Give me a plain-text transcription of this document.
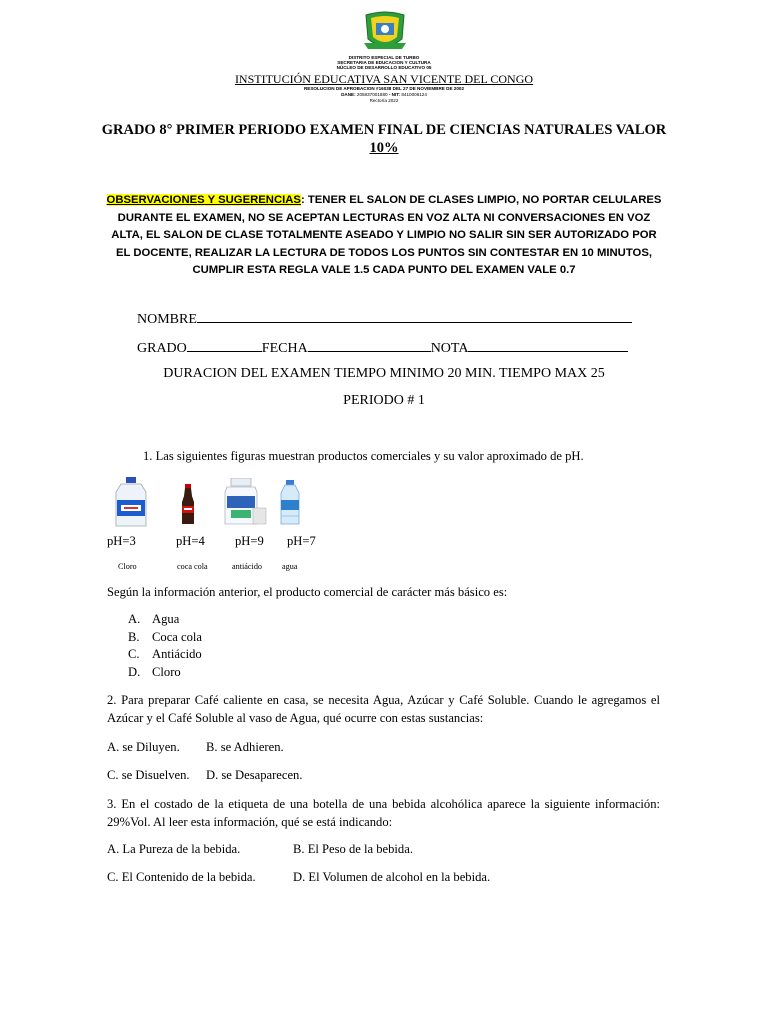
DISTRITO ESPECIAL DE TURBO
SECRETARIA DE EDUCACION Y CULTURA
NÚCLEO DE DESARROLLO EDUCATIVO 05
INSTITUCIÓN EDUCATIVA SAN VICENTE DEL CONGO
RESOLUCION DE APROBACION #16038 DEL 27 DE NOVIEMBRE DE 2002
DANE: 205837001880 - NIT: 8410006124
Rectoría 2022
GRADO 8° PRIMER PERIODO EXAMEN FINAL DE CIENCIAS NATURALES VALOR
10%
OBSERVACIONES Y SUGERENCIAS: TENER EL SALON DE CLASES LIMPIO, NO PORTAR CELULARES DURANTE EL EXAMEN, NO SE ACEPTAN LECTURAS EN VOZ ALTA NI CONVERSACIONES EN VOZ ALTA, EL SALON DE CLASE TOTALMENTE ASEADO Y LIMPIO NO SALIR SIN SER AUTORIZADO POR EL DOCENTE, REALIZAR LA LECTURA DE TODOS LOS PUNTOS SIN CONTESTAR EN 10 MINUTOS, CUMPLIR ESTA REGLA VALE 1.5 CADA PUNTO DEL EXAMEN VALE 0.7
NOMBRE
GRADO	FECHA	NOTA
DURACION DEL EXAMEN TIEMPO MINIMO 20 MIN. TIEMPO MAX 25
PERIODO # 1
1. Las siguientes figuras muestran productos comerciales y su valor aproximado de pH.
pH=3	pH=4 pH=9 pH=7
Cloro	coca cola	antiácido agua
Según la información anterior, el producto comercial de carácter más básico es:
A. Agua
B. Coca cola
C. Antiácido
D. Cloro
2. Para preparar Café caliente en casa, se necesita Agua, Azúcar y Café Soluble. Cuando le agregamos el Azúcar y el Café Soluble al vaso de Agua, qué ocurre con estas sustancias:
A. se Diluyen. B. se Adhieren.
C. se Disuelven. D. se Desaparecen.
3. En el costado de la etiqueta de una botella de una bebida alcohólica aparece la siguiente información: 29%Vol. Al leer esta información, qué se está indicando:
A. La Pureza de la bebida.	B. El Peso de la bebida.
C. El Contenido de la bebida.	D. El Volumen de alcohol en la bebida.
